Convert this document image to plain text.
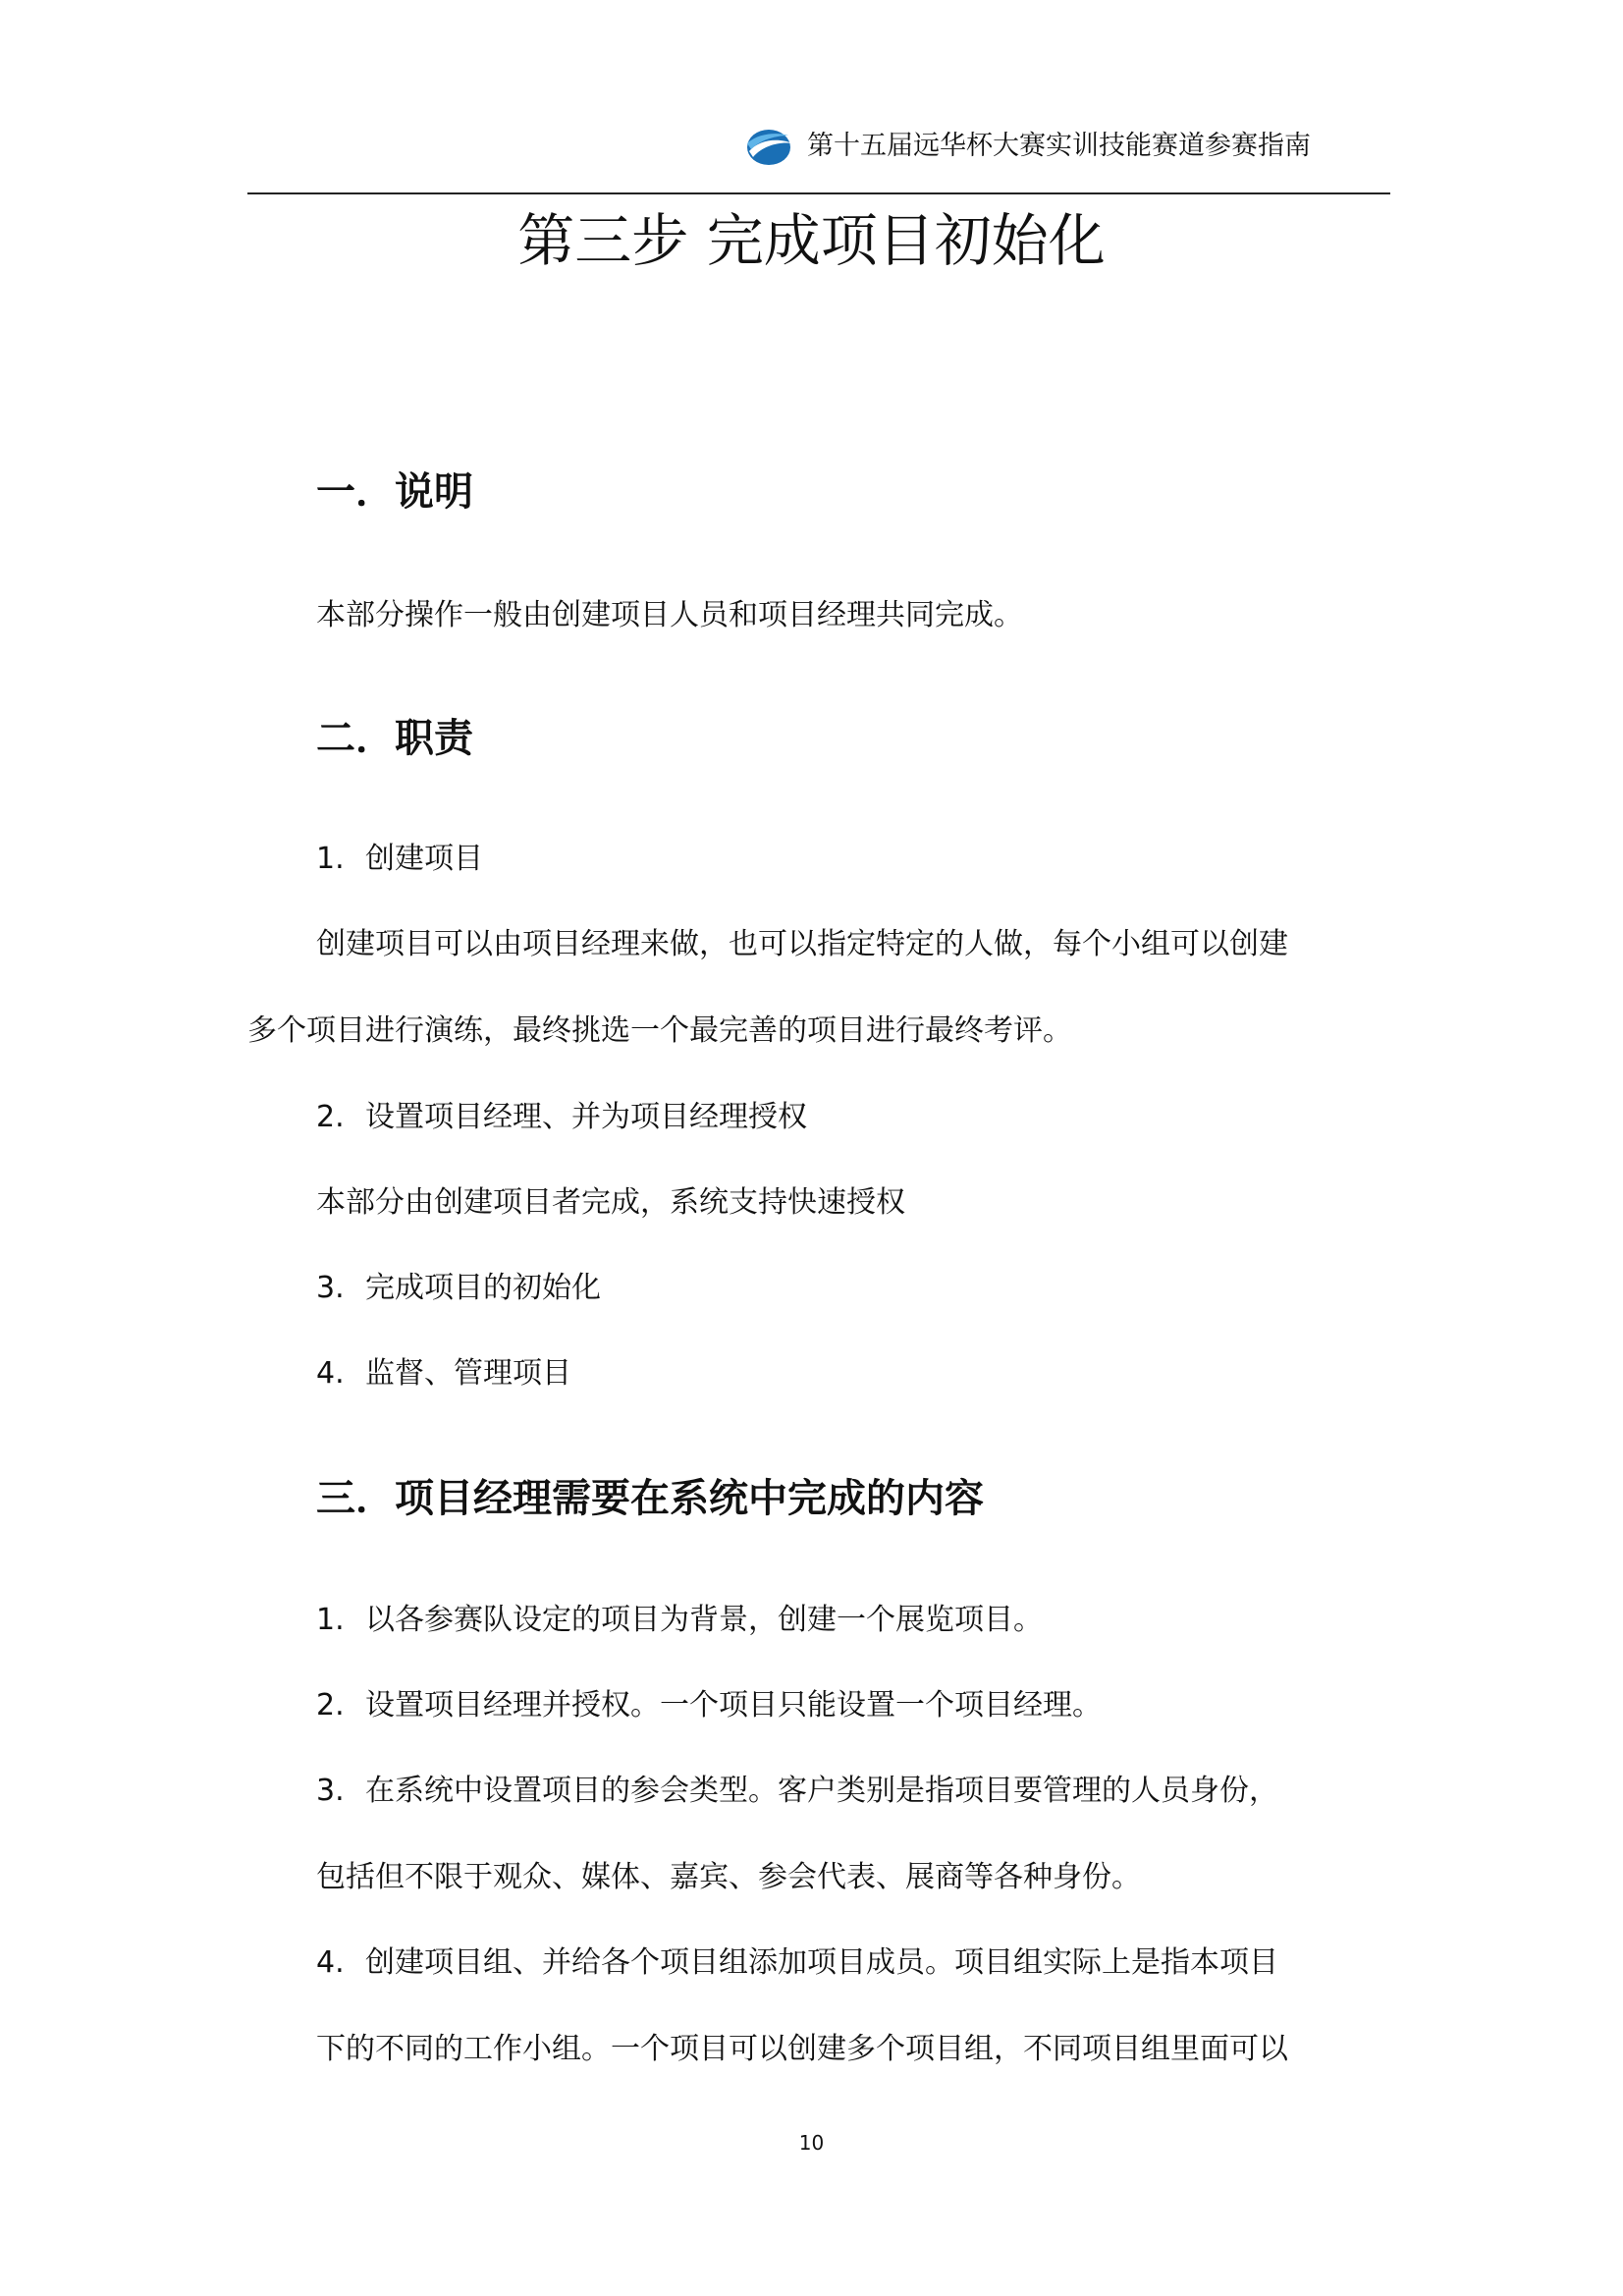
第十五届远华杯大赛实训技能赛道参赛指南
第三步 完成项目初始化
一．说明
本部分操作一般由创建项目人员和项目经理共同完成。
二．职责
1. 创建项目
创建项目可以由项目经理来做，也可以指定特定的人做，每个小组可以创建
多个项目进行演练，最终挑选一个最完善的项目进行最终考评。
2. 设置项目经理、并为项目经理授权
本部分由创建项目者完成，系统支持快速授权
3. 完成项目的初始化
4. 监督、管理项目
三．项目经理需要在系统中完成的内容
1. 以各参赛队设定的项目为背景，创建一个展览项目。
2. 设置项目经理并授权。一个项目只能设置一个项目经理。
3. 在系统中设置项目的参会类型。客户类别是指项目要管理的人员身份，
包括但不限于观众、媒体、嘉宾、参会代表、展商等各种身份。
4. 创建项目组、并给各个项目组添加项目成员。项目组实际上是指本项目
下的不同的工作小组。一个项目可以创建多个项目组，不同项目组里面可以
10
